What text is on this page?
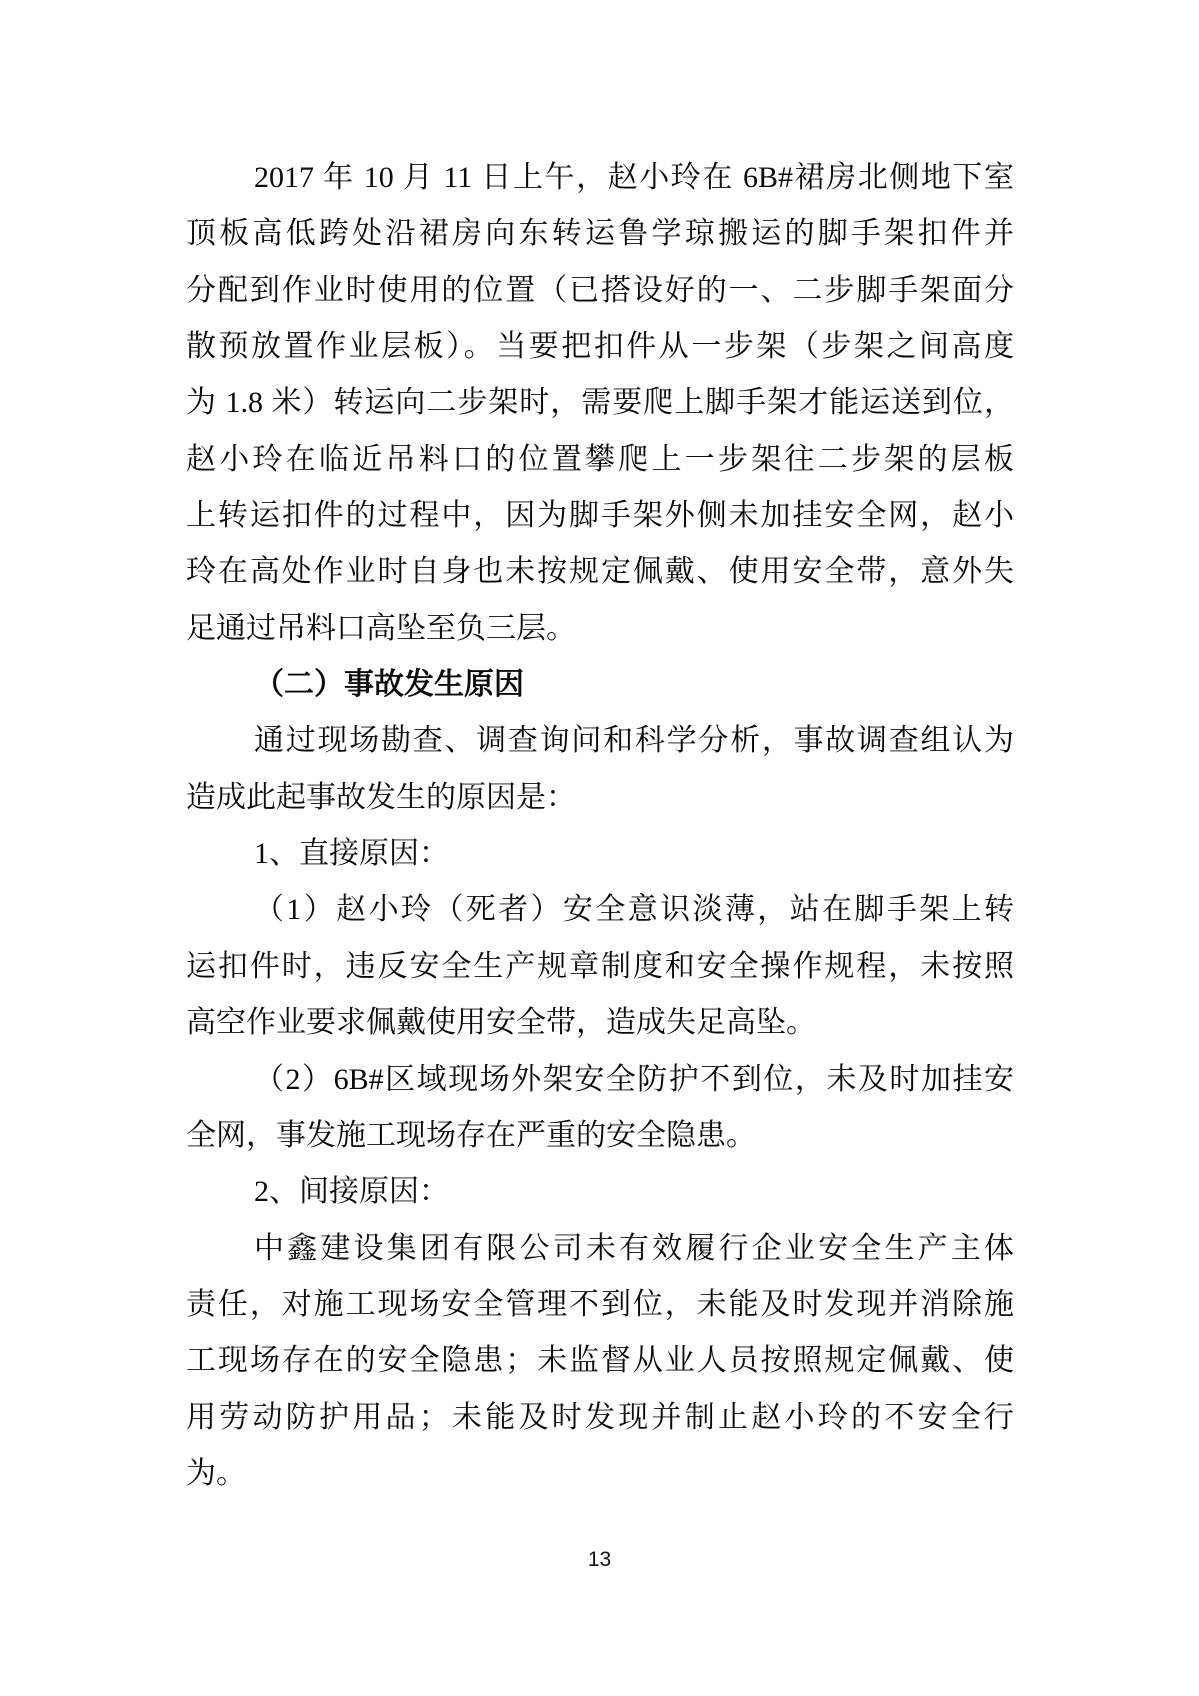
2017 年 10 月 11 日上午，赵小玲在 6B#裙房北侧地下室
顶板高低跨处沿裙房向东转运鲁学琼搬运的脚手架扣件并
分配到作业时使用的位置（已搭设好的一、二步脚手架面分
散预放置作业层板）。当要把扣件从一步架（步架之间高度
为 1.8 米）转运向二步架时，需要爬上脚手架才能运送到位，
赵小玲在临近吊料口的位置攀爬上一步架往二步架的层板
上转运扣件的过程中，因为脚手架外侧未加挂安全网，赵小
玲在高处作业时自身也未按规定佩戴、使用安全带，意外失
足通过吊料口高坠至负三层。
（二）事故发生原因
通过现场勘查、调查询问和科学分析，事故调查组认为
造成此起事故发生的原因是：
1、直接原因：
（1）赵小玲（死者）安全意识淡薄，站在脚手架上转
运扣件时，违反安全生产规章制度和安全操作规程，未按照
高空作业要求佩戴使用安全带，造成失足高坠。
（2）6B#区域现场外架安全防护不到位，未及时加挂安
全网，事发施工现场存在严重的安全隐患。
2、间接原因：
中鑫建设集团有限公司未有效履行企业安全生产主体
责任，对施工现场安全管理不到位，未能及时发现并消除施
工现场存在的安全隐患；未监督从业人员按照规定佩戴、使
用劳动防护用品；未能及时发现并制止赵小玲的不安全行
为。
13
